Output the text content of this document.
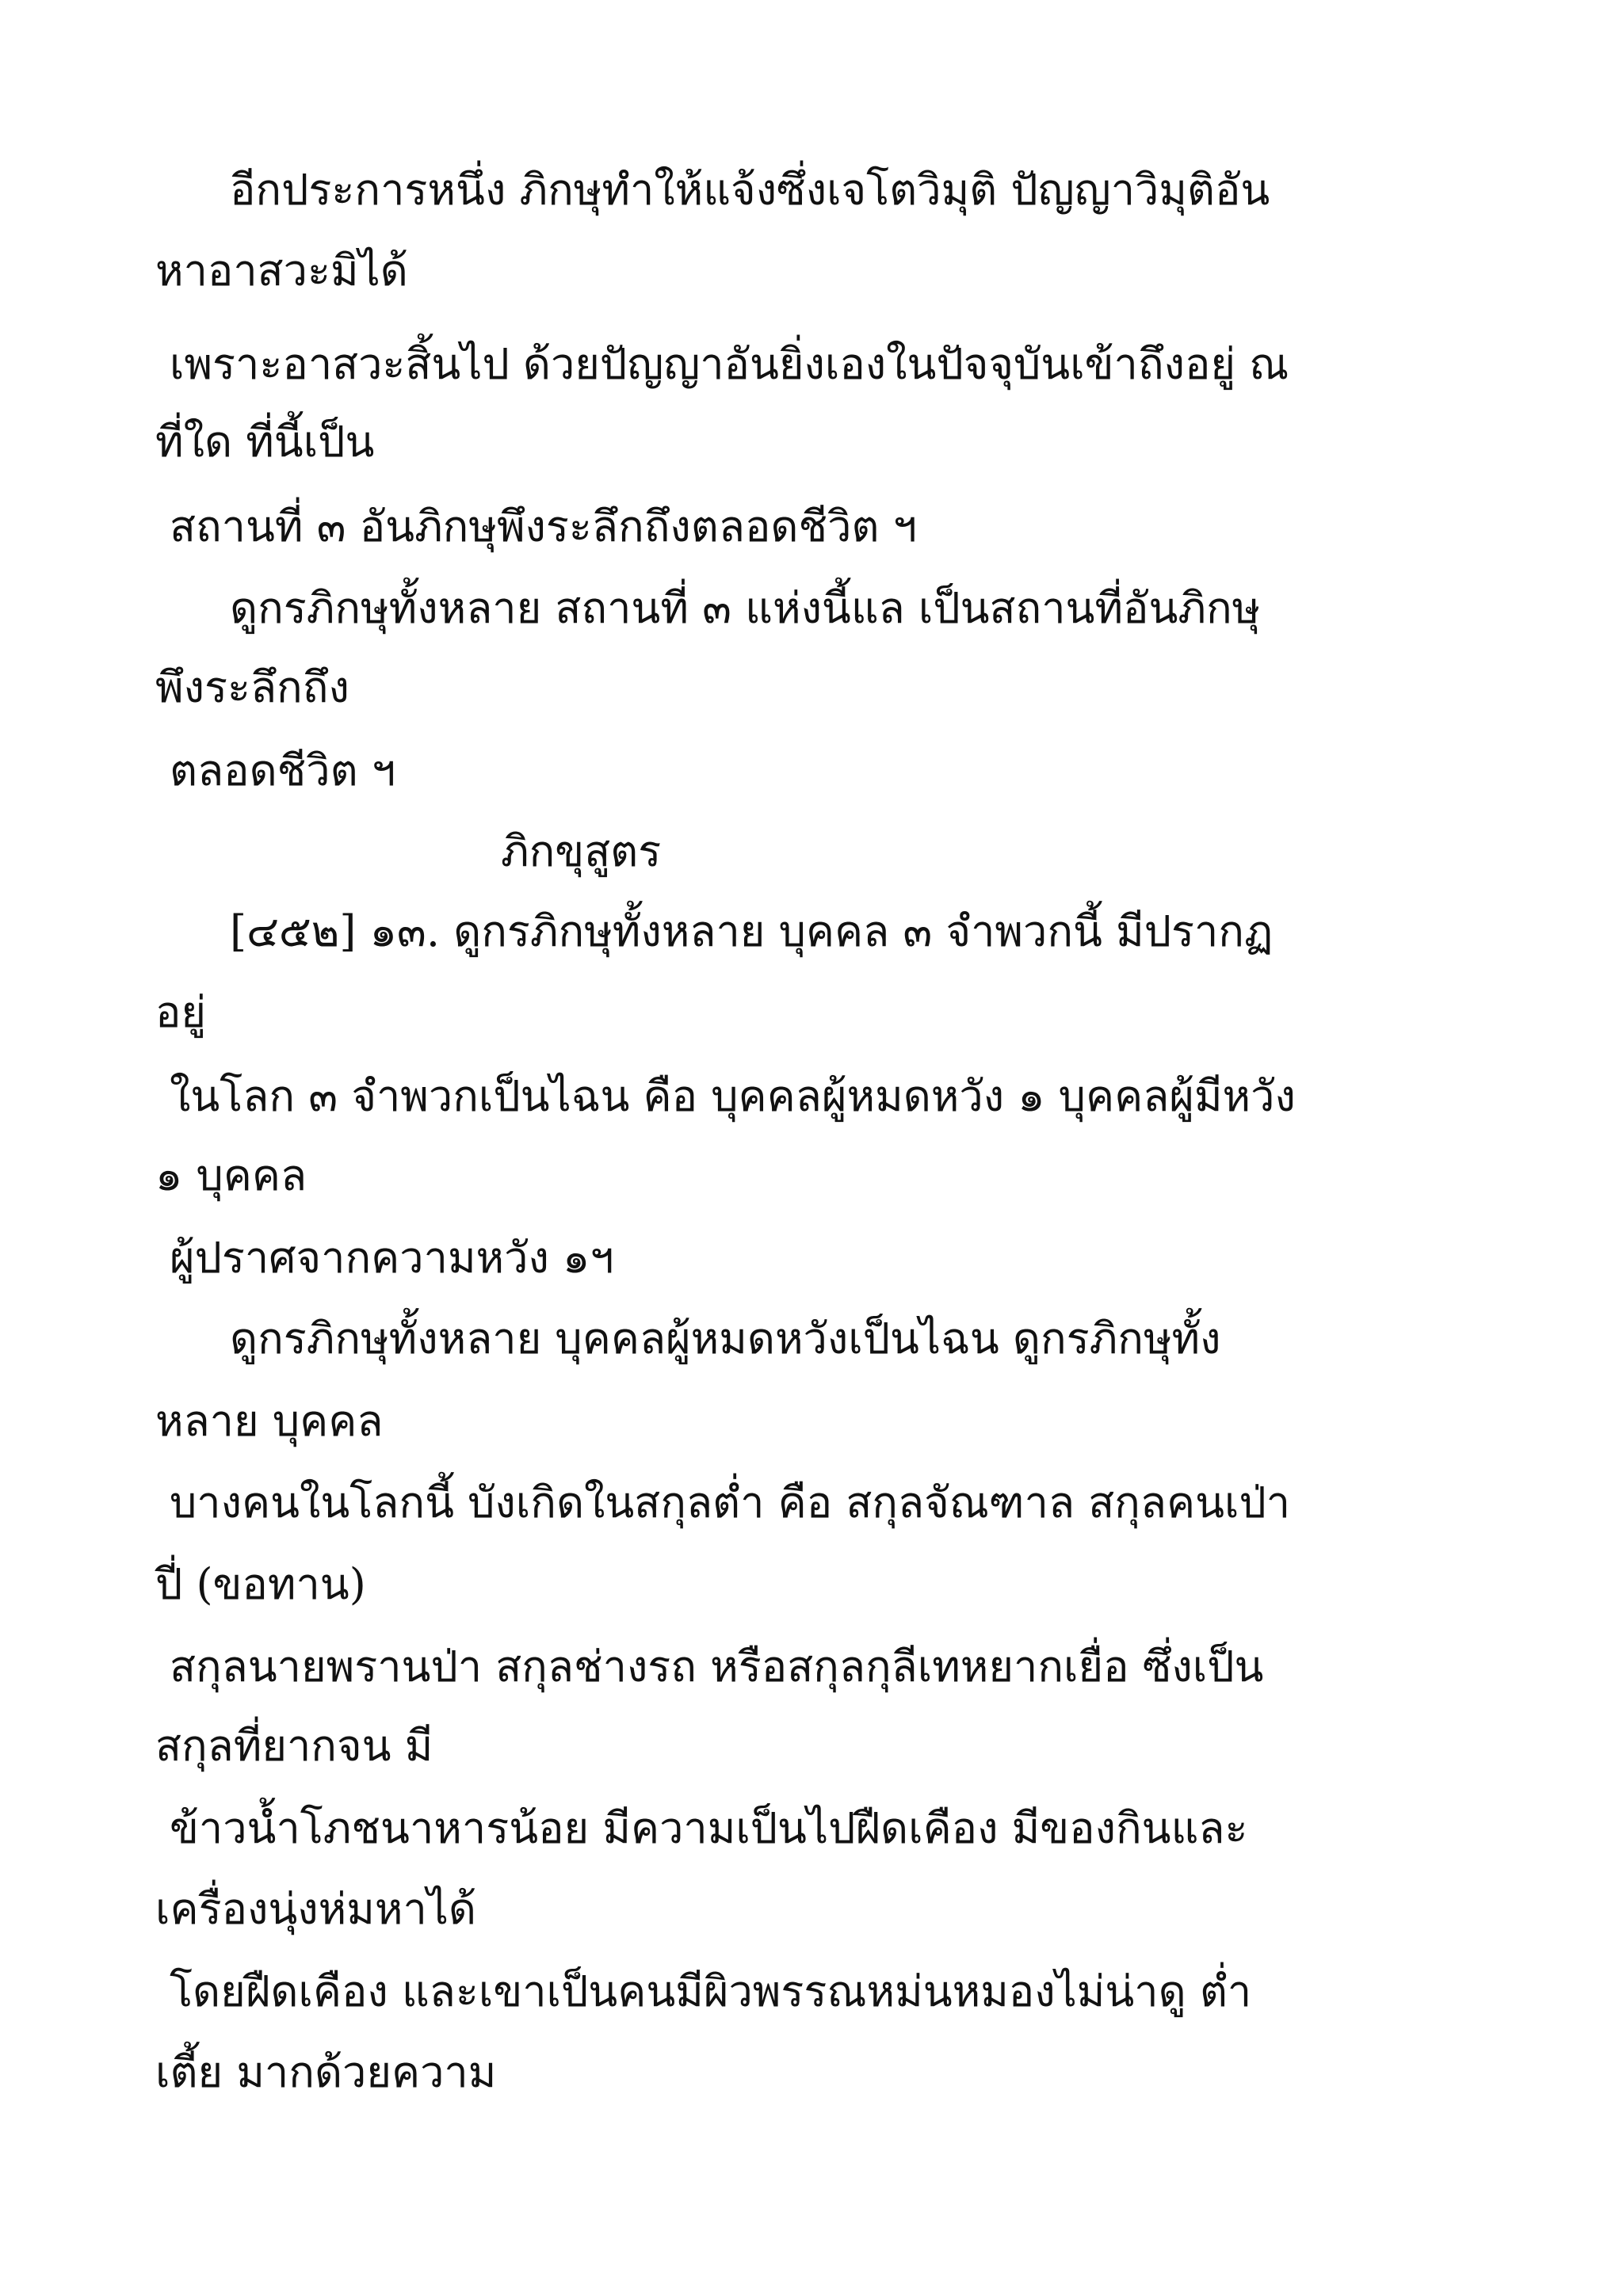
อีกประการหนึ่ง ภิกษุทำให้แจ้งซึ่งเจโตวิมุติ ปัญญาวิมุติอัน

หาอาสวะมิได้

เพราะอาสวะสิ้นไป ด้วยปัญญาอันยิ่งเองในปัจจุบันเข้าถึงอยู่ ณ

ที่ใด ที่นี้เป็น

สถานที่ ๓ อันภิกษุพึงระลึกถึงตลอดชีวิต ฯ

ดูกรภิกษุทั้งหลาย สถานที่ ๓ แห่งนี้แล เป็นสถานที่อันภิกษุ

พึงระลึกถึง

ตลอดชีวิต ฯ

ภิกขุสูตร

[๔๕๒] ๑๓. ดูกรภิกษุทั้งหลาย บุคคล ๓ จำพวกนี้ มีปรากฏ

อยู่

ในโลก ๓ จำพวกเป็นไฉน คือ บุคคลผู้หมดหวัง ๑ บุคคลผู้มีหวัง

๑ บุคคล

ผู้ปราศจากความหวัง ๑ฯ

ดูกรภิกษุทั้งหลาย บุคคลผู้หมดหวังเป็นไฉน ดูกรภิกษุทั้ง

หลาย บุคคล

บางคนในโลกนี้ บังเกิดในสกุลต่ำ คือ สกุลจัณฑาล สกุลคนเป่า

ปี่ (ขอทาน)

สกุลนายพรานป่า สกุลช่างรถ หรือสกุลกุลีเทหยากเยื่อ ซึ่งเป็น

สกุลที่ยากจน มี

ข้าวน้ำโภชนาหารน้อย มีความเป็นไปฝืดเคือง มีของกินและ

เครื่องนุ่งห่มหาได้

โดยฝืดเคือง และเขาเป็นคนมีผิวพรรณหม่นหมองไม่น่าดู ต่ำ

เตี้ย มากด้วยความ
